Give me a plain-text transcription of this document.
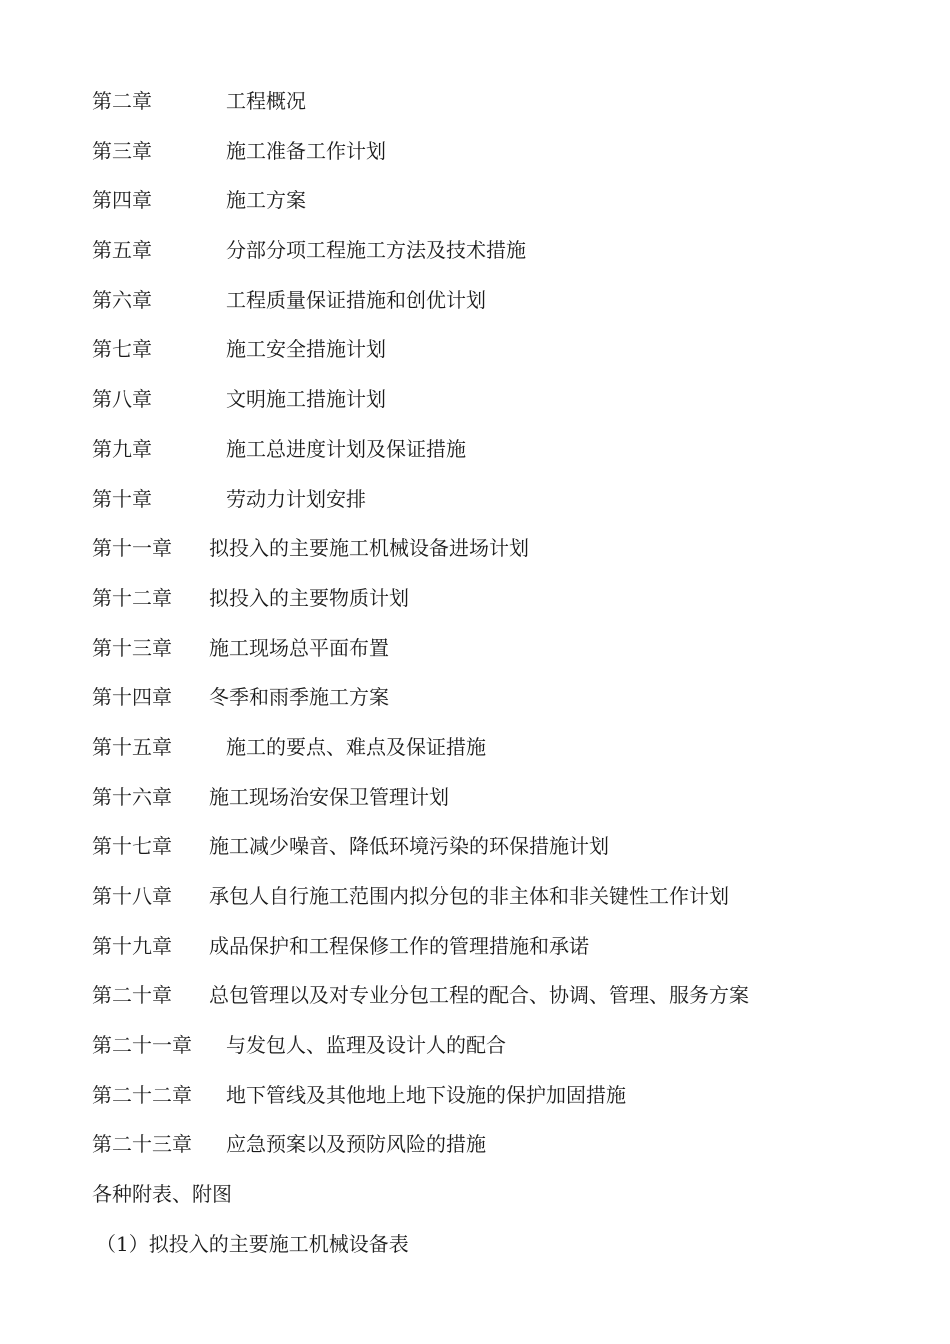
第二章	工程概况
第三章	施工准备工作计划
第四章	施工方案
第五章	分部分项工程施工方法及技术措施
第六章	工程质量保证措施和创优计划
第七章	施工安全措施计划
第八章	文明施工措施计划
第九章	施工总进度计划及保证措施
第十章	劳动力计划安排
第十一章	拟投入的主要施工机械设备进场计划
第十二章	拟投入的主要物质计划
第十三章	施工现场总平面布置
第十四章	冬季和雨季施工方案
第十五章	施工的要点、难点及保证措施
第十六章	施工现场治安保卫管理计划
第十七章	施工减少噪音、降低环境污染的环保措施计划
第十八章	承包人自行施工范围内拟分包的非主体和非关键性工作计划
第十九章	成品保护和工程保修工作的管理措施和承诺
第二十章	总包管理以及对专业分包工程的配合、协调、管理、服务方案
第二十一章	与发包人、监理及设计人的配合
第二十二章	地下管线及其他地上地下设施的保护加固措施
第二十三章	应急预案以及预防风险的措施
各种附表、附图
（1）拟投入的主要施工机械设备表
